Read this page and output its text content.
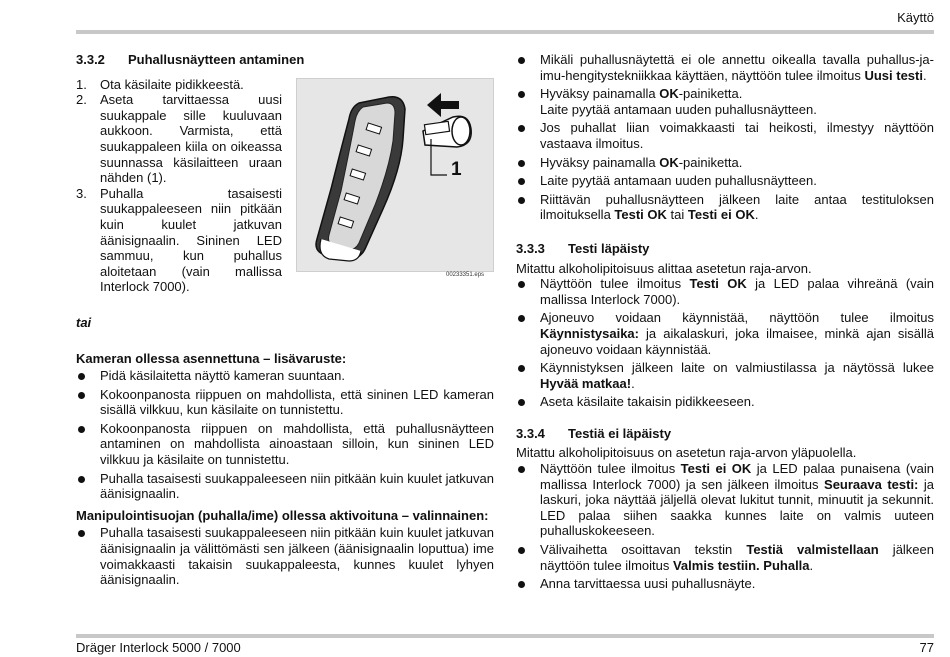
Käyttö
3.3.2 Puhallusnäytteen antaminen
1. Ota käsilaite pidikkeestä.
2. Aseta tarvittaessa uusi suukappale sille kuuluvaan aukkoon. Varmista, että suukappaleen kiila on oikeassa suunnassa käsilaitteen uraan nähden (1).
3. Puhalla tasaisesti suukappaleeseen niin pitkään kuin kuulet jatkuvan äänisignaalin. Sininen LED sammuu, kun puhallus aloitetaan (vain mallissa Interlock 7000).

tai

Kameran ollessa asennettuna – lisävaruste:

Pidä käsilaitetta näyttö kameran suuntaan.
Kokoonpanosta riippuen on mahdollista, että sininen LED kameran sisällä vilkkuu, kun käsilaite on tunnistettu.
Kokoonpanosta riippuen on mahdollista, että puhallusnäytteen antaminen on mahdollista ainoastaan silloin, kun sininen LED vilkkuu ja käsilaite on tunnistettu.
Puhalla tasaisesti suukappaleeseen niin pitkään kuin kuulet jatkuvan äänisignaalin.

Manipulointisuojan (puhalla/ime) ollessa aktivoituna – valinnainen:

Puhalla tasaisesti suukappaleeseen niin pitkään kuin kuulet jatkuvan äänisignaalin ja välittömästi sen jälkeen (äänisignaalin loputtua) ime voimakkaasti takaisin suukappaleesta, kunnes kuulet lyhyen äänisignaalin.
1
00233351.eps
Mikäli puhallusnäytettä ei ole annettu oikealla tavalla puhallus-ja-imu-hengitystekniikkaa käyttäen, näyttöön tulee ilmoitus Uusi testi.
Hyväksy painamalla OK-painiketta.
Laite pyytää antamaan uuden puhallusnäytteen.
Jos puhallat liian voimakkaasti tai heikosti, ilmestyy näyttöön vastaava ilmoitus.
Hyväksy painamalla OK-painiketta.
Laite pyytää antamaan uuden puhallusnäytteen.
Riittävän puhallusnäytteen jälkeen laite antaa testituloksen ilmoituksella Testi OK tai Testi ei OK.
3.3.3 Testi läpäisty

Mitattu alkoholipitoisuus alittaa asetetun raja-arvon.

Näyttöön tulee ilmoitus Testi OK ja LED palaa vihreänä (vain mallissa Interlock 7000).
Ajoneuvo voidaan käynnistää, näyttöön tulee ilmoitus Käynnistysaika: ja aikalaskuri, joka ilmaisee, minkä ajan sisällä ajoneuvo voidaan käynnistää.
Käynnistyksen jälkeen laite on valmiustilassa ja näytössä lukee Hyvää matkaa!.
Aseta käsilaite takaisin pidikkeeseen.
3.3.4 Testiä ei läpäisty

Mitattu alkoholipitoisuus on asetetun raja-arvon yläpuolella.

Näyttöön tulee ilmoitus Testi ei OK ja LED palaa punaisena (vain mallissa Interlock 7000) ja sen jälkeen ilmoitus Seuraava testi: ja laskuri, joka näyttää jäljellä olevat lukitut tunnit, minuutit ja sekunnit. LED palaa siihen saakka kunnes laite on valmis uuteen puhalluskokeeseen.
Välivaihetta osoittavan tekstin Testiä valmistellaan jälkeen näyttöön tulee ilmoitus Valmis testiin. Puhalla.
Anna tarvittaessa uusi puhallusnäyte.
Dräger Interlock 5000 / 7000	77
